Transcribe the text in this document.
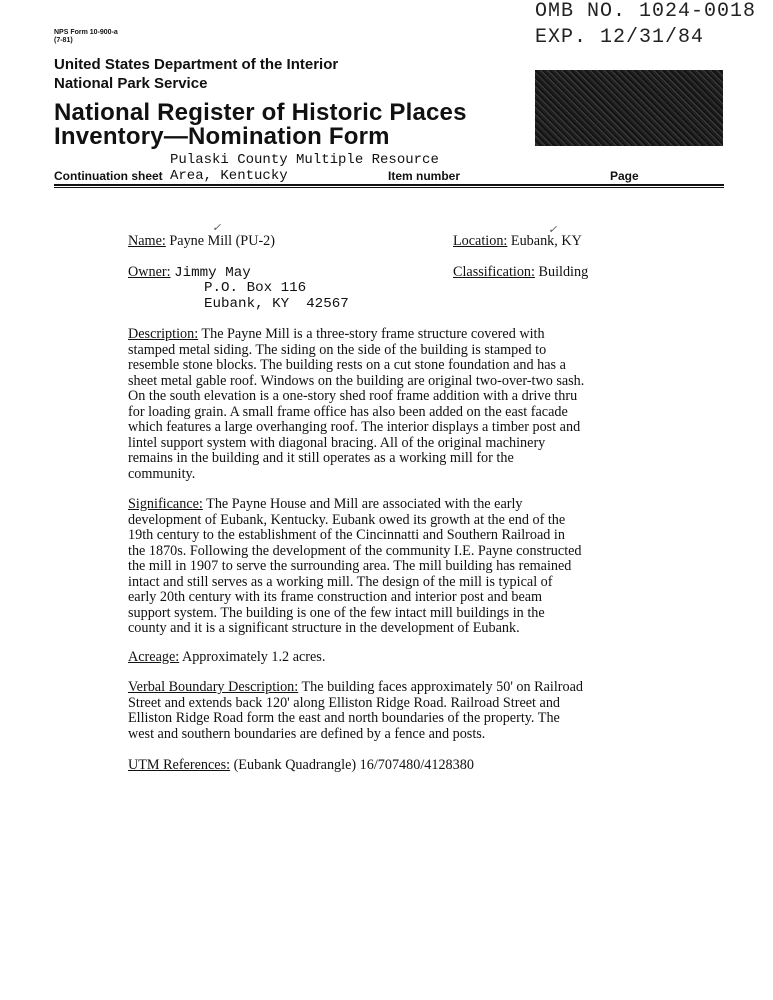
NPS Form 10-900-a
(7-81)
OMB NO. 1024-0018
EXP. 12/31/84
United States Department of the Interior
National Park Service
National Register of Historic Places
Inventory—Nomination Form
Pulaski County Multiple Resource
Continuation sheet Area, Kentucky	Item number	Page
✓	✓
Name: Payne Mill (PU-2)	Location: Eubank, KY
Owner: Jimmy May
P.O. Box 116
Eubank, KY  42567
Classification: Building
Description: The Payne Mill is a three-story frame structure covered with
stamped metal siding. The siding on the side of the building is stamped to
resemble stone blocks. The building rests on a cut stone foundation and has a
sheet metal gable roof. Windows on the building are original two-over-two sash.
On the south elevation is a one-story shed roof frame addition with a drive thru
for loading grain. A small frame office has also been added on the east facade
which features a large overhanging roof. The interior displays a timber post and
lintel support system with diagonal bracing. All of the original machinery
remains in the building and it still operates as a working mill for the
community.
Significance: The Payne House and Mill are associated with the early
development of Eubank, Kentucky. Eubank owed its growth at the end of the
19th century to the establishment of the Cincinnatti and Southern Railroad in
the 1870s. Following the development of the community I.E. Payne constructed
the mill in 1907 to serve the surrounding area. The mill building has remained
intact and still serves as a working mill. The design of the mill is typical of
early 20th century with its frame construction and interior post and beam
support system. The building is one of the few intact mill buildings in the
county and it is a significant structure in the development of Eubank.
Acreage: Approximately 1.2 acres.
Verbal Boundary Description: The building faces approximately 50' on Railroad
Street and extends back 120' along Elliston Ridge Road. Railroad Street and
Elliston Ridge Road form the east and north boundaries of the property. The
west and southern boundaries are defined by a fence and posts.
UTM References: (Eubank Quadrangle) 16/707480/4128380
